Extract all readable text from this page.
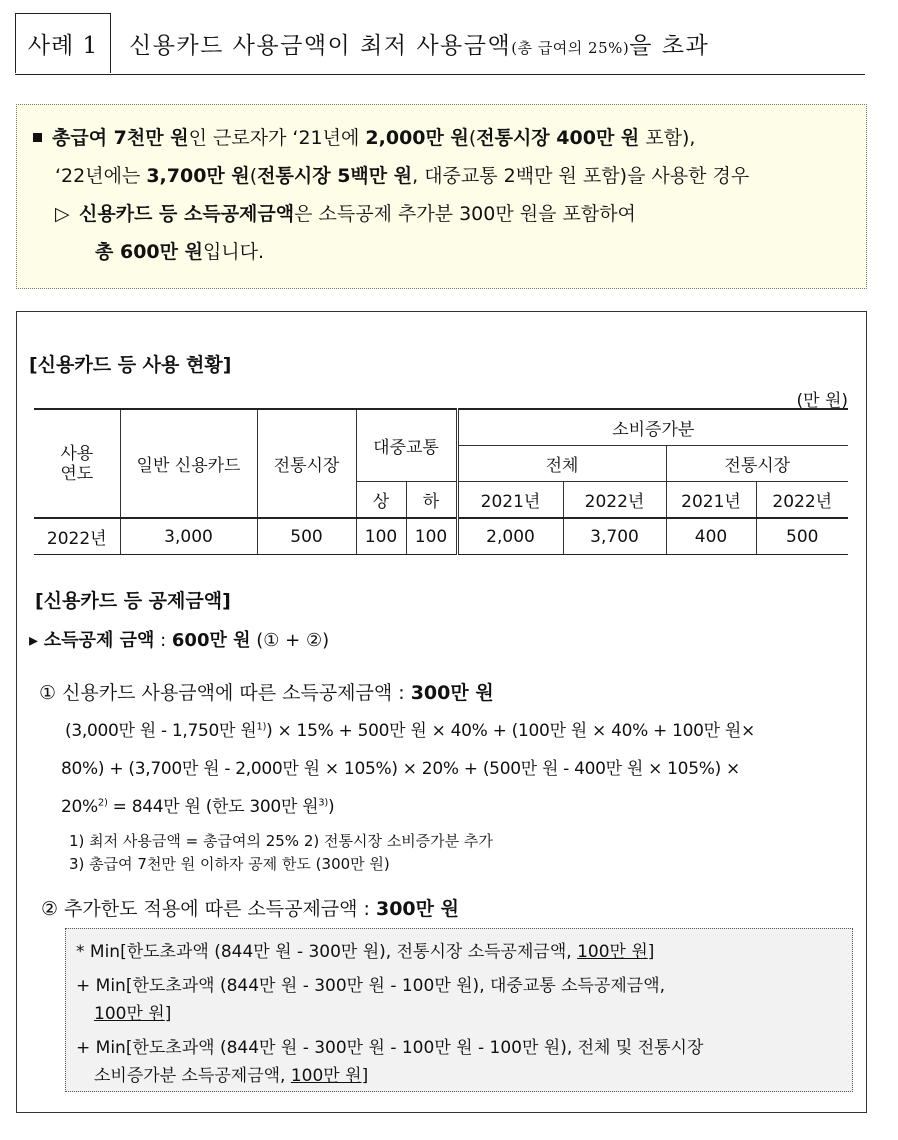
사례 1	신용카드 사용금액이 최저 사용금액(총 급여의 25%)을 초과
총급여 7천만 원인 근로자가 ‘21년에 2,000만 원(전통시장 400만 원 포함),
‘22년에는 3,700만 원(전통시장 5백만 원, 대중교통 2백만 원 포함)을 사용한 경우
▷ 신용카드 등 소득공제금액은 소득공제 추가분 300만 원을 포함하여
총 600만 원입니다.
[신용카드 등 사용 현황]
(만 원)
사용
연도	일반 신용카드	전통시장	대중교통		소비증가분			
					전체		전통시장	
			상	하	2021년	2022년	2021년	2022년
2022년	3,000	500	100	100	2,000	3,700	400	500
[신용카드 등 공제금액]
▸ 소득공제 금액 : 600만 원 (① + ②)
① 신용카드 사용금액에 따른 소득공제금액 : 300만 원
(3,000만 원 - 1,750만 원$^{1)}$) × 15% + 500만 원 × 40% + (100만 원 × 40% + 100만 원×
80%) + (3,700만 원 - 2,000만 원 × 105%) × 20% + (500만 원 - 400만 원 × 105%) ×
20%$^{2)}$ = 844만 원 (한도 300만 원$^{3)}$)
1) 최저 사용금액 = 총급여의 25% 2) 전통시장 소비증가분 추가
3) 총급여 7천만 원 이하자 공제 한도 (300만 원)
② 추가한도 적용에 따른 소득공제금액 : 300만 원
* Min[한도초과액 (844만 원 - 300만 원), 전통시장 소득공제금액, 100만 원]
+ Min[한도초과액 (844만 원 - 300만 원 - 100만 원), 대중교통 소득공제금액,
100만 원]
+ Min[한도초과액 (844만 원 - 300만 원 - 100만 원 - 100만 원), 전체 및 전통시장
소비증가분 소득공제금액, 100만 원]
